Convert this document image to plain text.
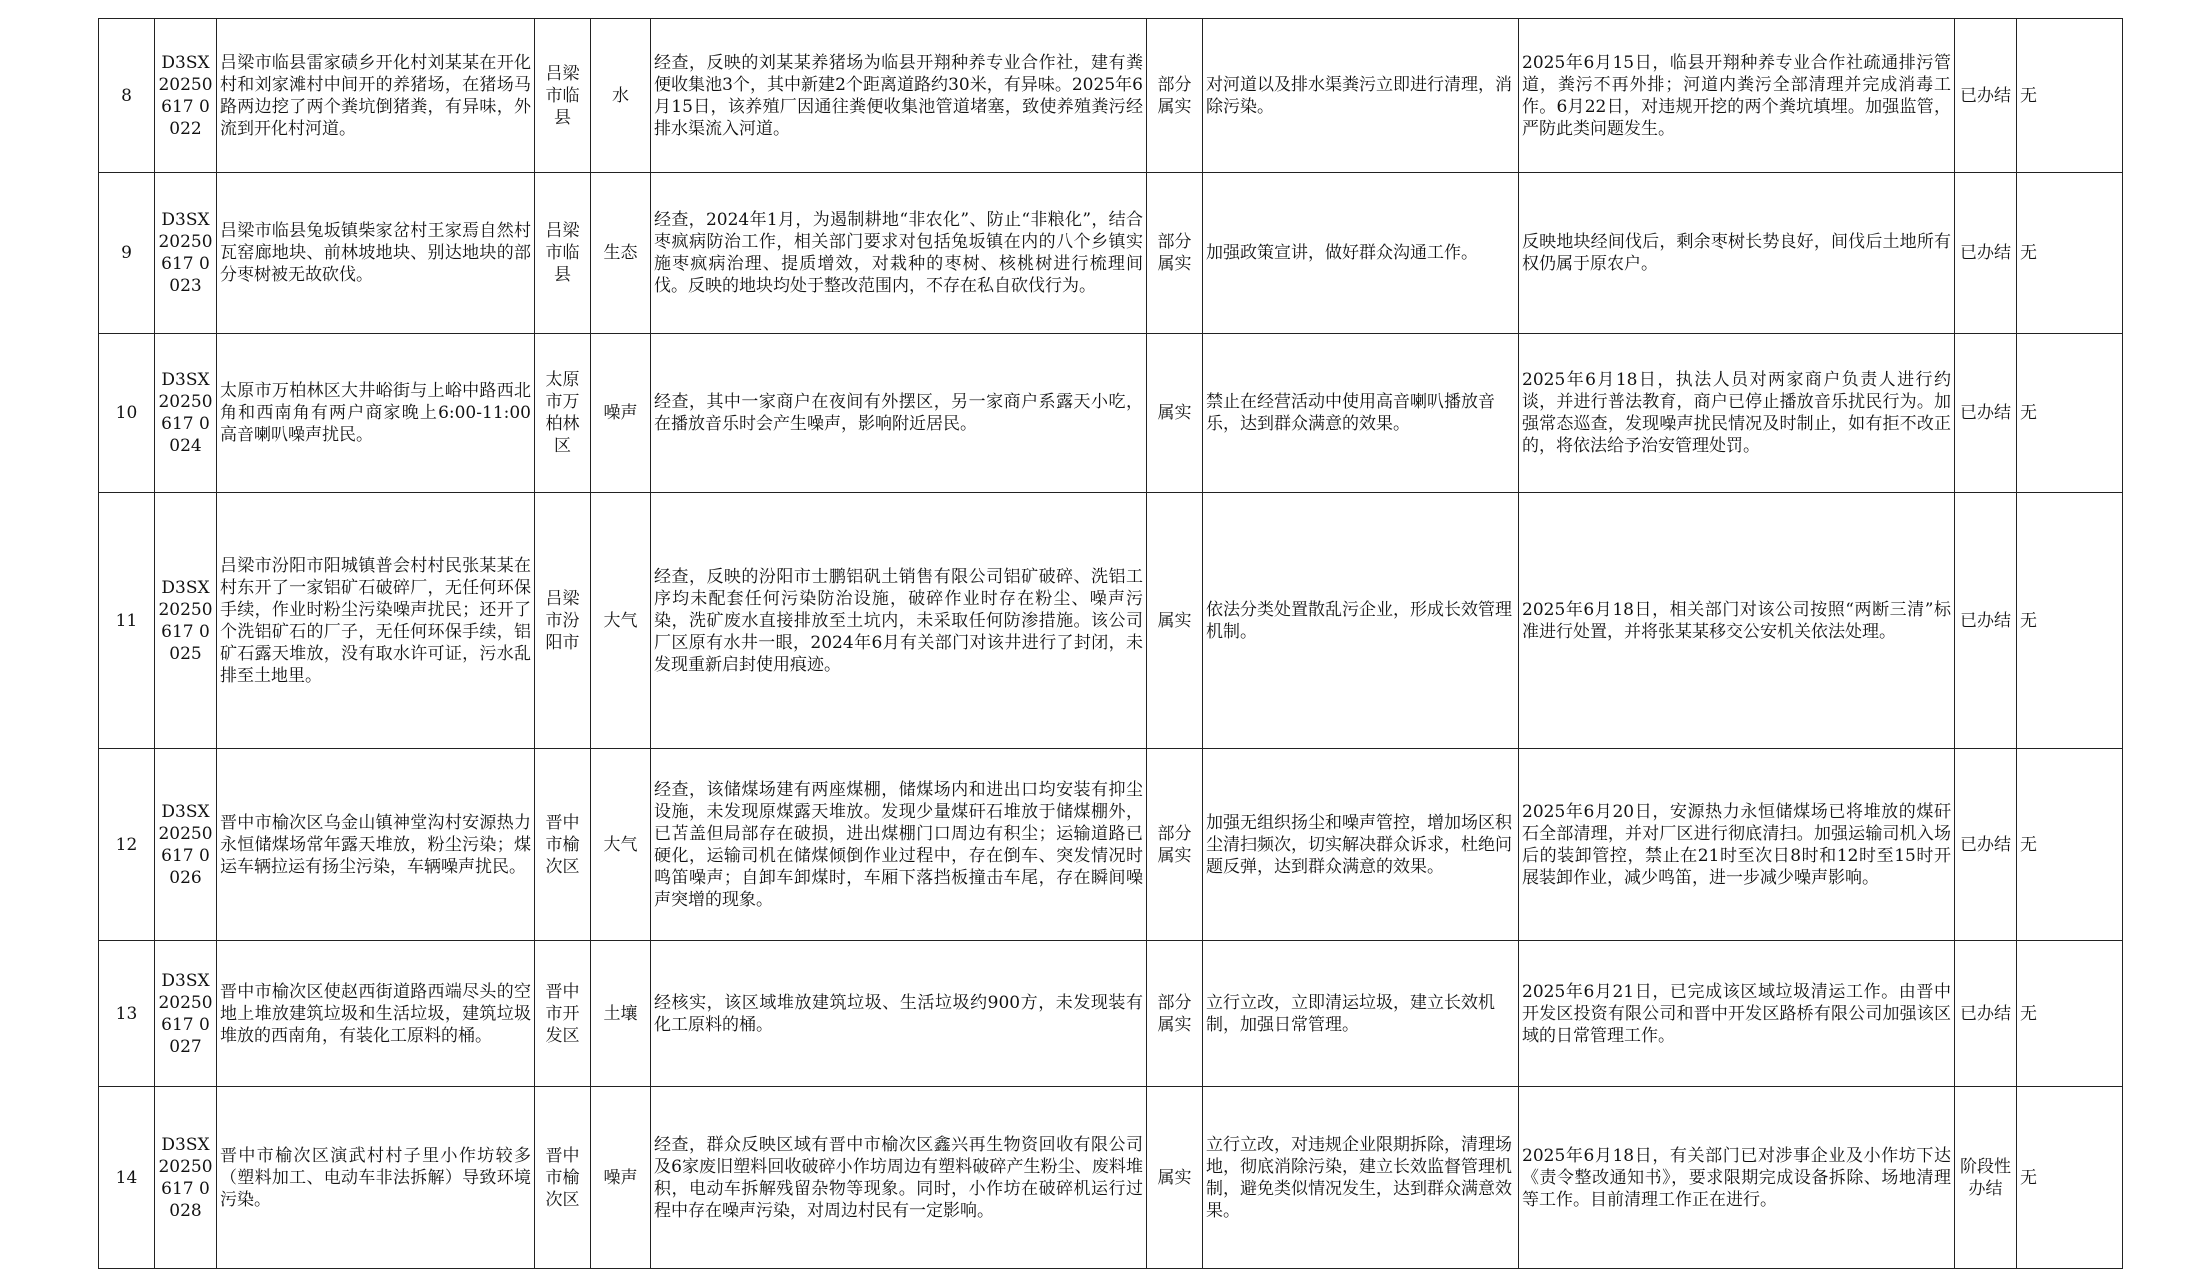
8	D3SX20250617 0022	吕梁市临县雷家碛乡开化村刘某某在开化村和刘家滩村中间开的养猪场，在猪场马路两边挖了两个粪坑倒猪粪，有异味，外流到开化村河道。	吕梁市临县	水	经查，反映的刘某某养猪场为临县开翔种养专业合作社，建有粪便收集池3个，其中新建2个距离道路约30米，有异味。2025年6月15日，该养殖厂因通往粪便收集池管道堵塞，致使养殖粪污经排水渠流入河道。	部分属实	对河道以及排水渠粪污立即进行清理，消除污染。	2025年6月15日，临县开翔种养专业合作社疏通排污管道，粪污不再外排；河道内粪污全部清理并完成消毒工作。6月22日，对违规开挖的两个粪坑填埋。加强监管，严防此类问题发生。	已办结	无
9	D3SX20250617 0023	吕梁市临县兔坂镇柴家岔村王家焉自然村瓦窑廊地块、前林坡地块、别达地块的部分枣树被无故砍伐。	吕梁市临县	生态	经查，2024年1月，为遏制耕地“非农化”、防止“非粮化”，结合枣疯病防治工作，相关部门要求对包括兔坂镇在内的八个乡镇实施枣疯病治理、提质增效，对栽种的枣树、核桃树进行梳理间伐。反映的地块均处于整改范围内，不存在私自砍伐行为。	部分属实	加强政策宣讲，做好群众沟通工作。	反映地块经间伐后，剩余枣树长势良好，间伐后土地所有权仍属于原农户。	已办结	无
10	D3SX20250617 0024	太原市万柏林区大井峪街与上峪中路西北角和西南角有两户商家晚上6:00-11:00高音喇叭噪声扰民。	太原市万柏林区	噪声	经查，其中一家商户在夜间有外摆区，另一家商户系露天小吃，在播放音乐时会产生噪声，影响附近居民。	属实	禁止在经营活动中使用高音喇叭播放音乐，达到群众满意的效果。	2025年6月18日，执法人员对两家商户负责人进行约谈，并进行普法教育，商户已停止播放音乐扰民行为。加强常态巡查，发现噪声扰民情况及时制止，如有拒不改正的，将依法给予治安管理处罚。	已办结	无
11	D3SX20250617 0025	吕梁市汾阳市阳城镇普会村村民张某某在村东开了一家铝矿石破碎厂，无任何环保手续，作业时粉尘污染噪声扰民；还开了个洗铝矿石的厂子，无任何环保手续，铝矿石露天堆放，没有取水许可证，污水乱排至土地里。	吕梁市汾阳市	大气	经查，反映的汾阳市士鹏铝矾土销售有限公司铝矿破碎、洗铝工序均未配套任何污染防治设施，破碎作业时存在粉尘、噪声污染，洗矿废水直接排放至土坑内，未采取任何防渗措施。该公司厂区原有水井一眼，2024年6月有关部门对该井进行了封闭，未发现重新启封使用痕迹。	属实	依法分类处置散乱污企业，形成长效管理机制。	2025年6月18日，相关部门对该公司按照“两断三清”标准进行处置，并将张某某移交公安机关依法处理。	已办结	无
12	D3SX20250617 0026	晋中市榆次区乌金山镇神堂沟村安源热力永恒储煤场常年露天堆放，粉尘污染；煤运车辆拉运有扬尘污染，车辆噪声扰民。	晋中市榆次区	大气	经查，该储煤场建有两座煤棚，储煤场内和进出口均安装有抑尘设施，未发现原煤露天堆放。发现少量煤矸石堆放于储煤棚外，已苫盖但局部存在破损，进出煤棚门口周边有积尘；运输道路已硬化，运输司机在储煤倾倒作业过程中，存在倒车、突发情况时鸣笛噪声；自卸车卸煤时，车厢下落挡板撞击车尾，存在瞬间噪声突增的现象。	部分属实	加强无组织扬尘和噪声管控，增加场区积尘清扫频次，切实解决群众诉求，杜绝问题反弹，达到群众满意的效果。	2025年6月20日，安源热力永恒储煤场已将堆放的煤矸石全部清理，并对厂区进行彻底清扫。加强运输司机入场后的装卸管控，禁止在21时至次日8时和12时至15时开展装卸作业，减少鸣笛，进一步减少噪声影响。	已办结	无
13	D3SX20250617 0027	晋中市榆次区使赵西街道路西端尽头的空地上堆放建筑垃圾和生活垃圾，建筑垃圾堆放的西南角，有装化工原料的桶。	晋中市开发区	土壤	经核实，该区域堆放建筑垃圾、生活垃圾约900方，未发现装有化工原料的桶。	部分属实	立行立改，立即清运垃圾，建立长效机制，加强日常管理。	2025年6月21日，已完成该区域垃圾清运工作。由晋中开发区投资有限公司和晋中开发区路桥有限公司加强该区域的日常管理工作。	已办结	无
14	D3SX20250617 0028	晋中市榆次区演武村村子里小作坊较多（塑料加工、电动车非法拆解）导致环境污染。	晋中市榆次区	噪声	经查，群众反映区域有晋中市榆次区鑫兴再生物资回收有限公司及6家废旧塑料回收破碎小作坊周边有塑料破碎产生粉尘、废料堆积，电动车拆解残留杂物等现象。同时，小作坊在破碎机运行过程中存在噪声污染，对周边村民有一定影响。	属实	立行立改，对违规企业限期拆除，清理场地，彻底消除污染，建立长效监督管理机制，避免类似情况发生，达到群众满意效果。	2025年6月18日，有关部门已对涉事企业及小作坊下达《责令整改通知书》，要求限期完成设备拆除、场地清理等工作。目前清理工作正在进行。	阶段性办结	无
